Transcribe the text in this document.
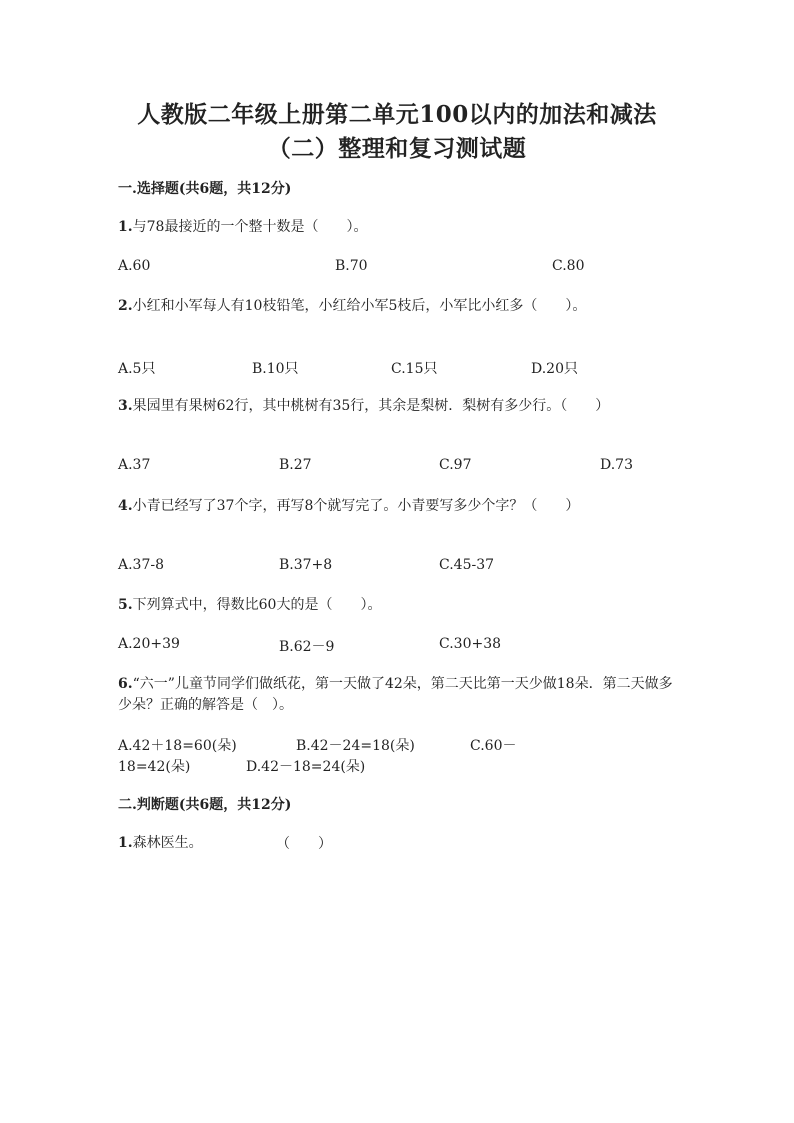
人教版二年级上册第二单元100以内的加法和减法
（二）整理和复习测试题
一.选择题(共6题，共12分)
1.与78最接近的一个整十数是（　　）。
A.60	B.70	C.80
2.小红和小军每人有10枝铅笔，小红给小军5枝后，小军比小红多（　　）。
A.5只	B.10只	C.15只	D.20只
3.果园里有果树62行，其中桃树有35行，其余是梨树．梨树有多少行。（　　）
A.37	B.27	C.97	D.73
4.小青已经写了37个字，再写8个就写完了。小青要写多少个字？（　　）
A.37-8	B.37+8	C.45-37
5.下列算式中，得数比60大的是（　　）。
A.20+39	B.62－9	C.30+38
6.“六一”儿童节同学们做纸花，第一天做了42朵，第二天比第一天少做18朵．第二天做多少朵？正确的解答是（　）。
A.42＋18=60(朵)	B.42－24=18(朵)	C.60－
18=42(朵)	D.42－18=24(朵)
二.判断题(共6题，共12分)
1.森林医生。	（　　）
